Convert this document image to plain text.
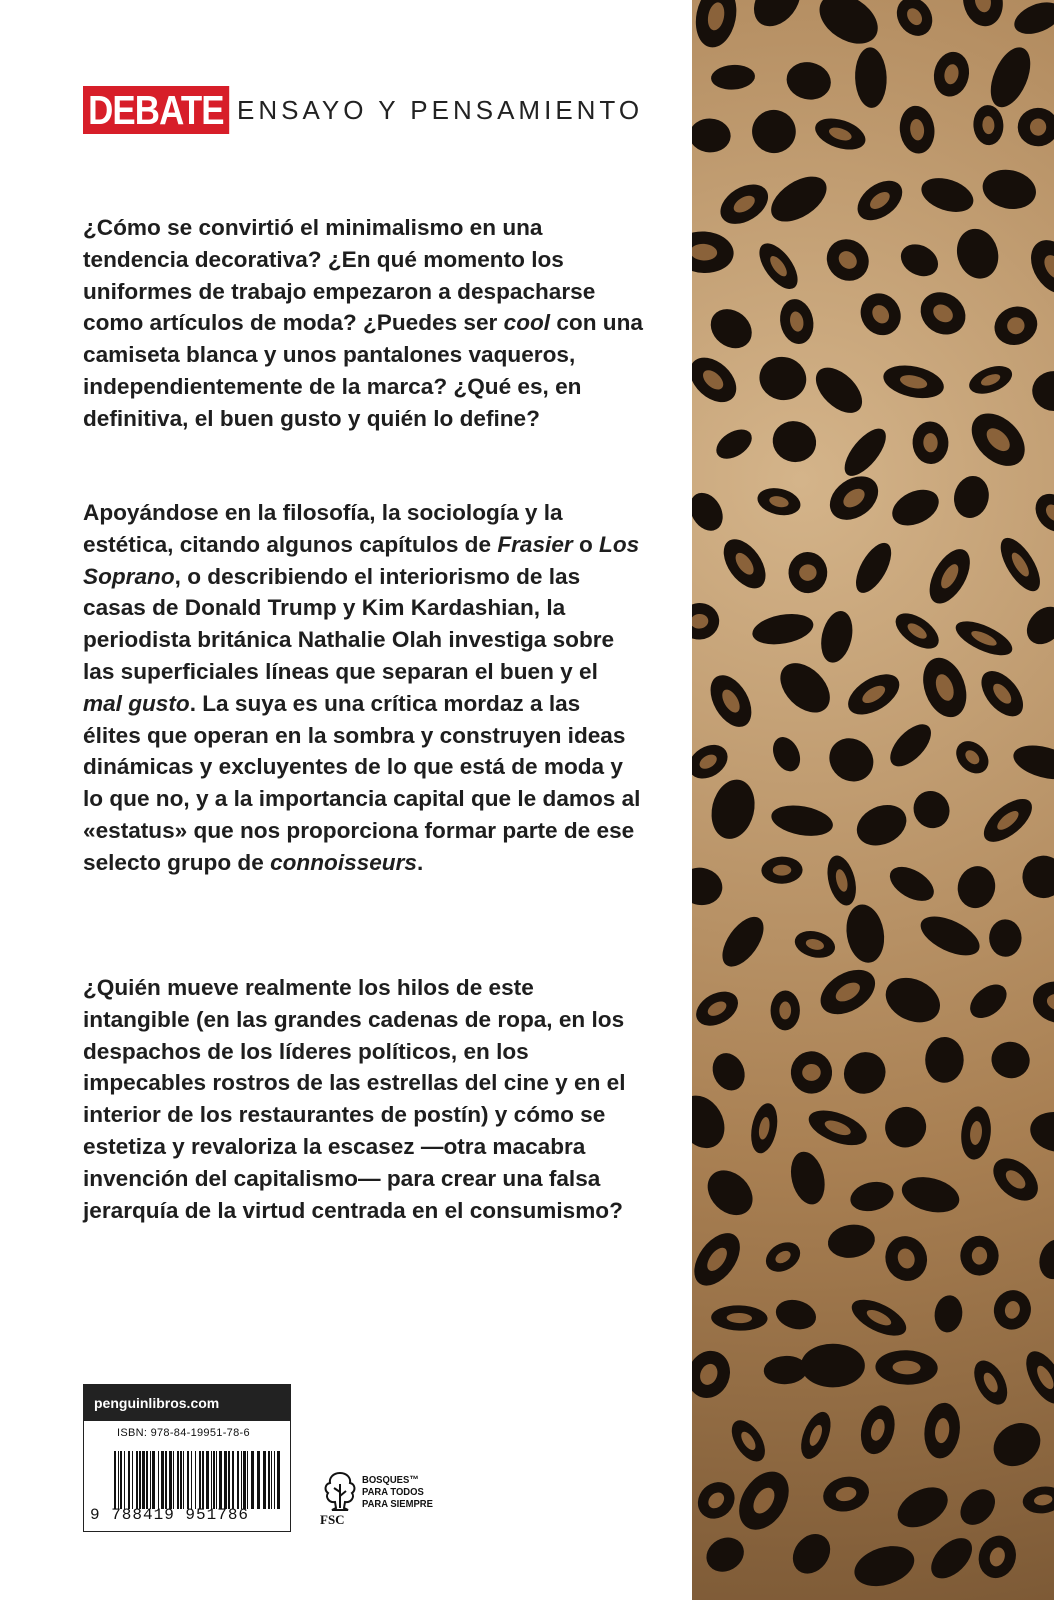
DEBATE ENSAYO Y PENSAMIENTO

¿Cómo se convirtió el minimalismo en una tendencia decorativa? ¿En qué momento los uniformes de trabajo empezaron a despacharse como artículos de moda? ¿Puedes ser cool con una camiseta blanca y unos pantalones vaqueros, independientemente de la marca? ¿Qué es, en definitiva, el buen gusto y quién lo define?

Apoyándose en la filosofía, la sociología y la estética, citando algunos capítulos de Frasier o Los Soprano, o describiendo el interiorismo de las casas de Donald Trump y Kim Kardashian, la periodista británica Nathalie Olah investiga sobre las superficiales líneas que separan el buen y el mal gusto. La suya es una crítica mordaz a las élites que operan en la sombra y construyen ideas dinámicas y excluyentes de lo que está de moda y lo que no, y a la importancia capital que le damos al «estatus» que nos proporciona formar parte de ese selecto grupo de connoisseurs.

¿Quién mueve realmente los hilos de este intangible (en las grandes cadenas de ropa, en los despachos de los líderes políticos, en los impecables rostros de las estrellas del cine y en el interior de los restaurantes de postín) y cómo se estetiza y revaloriza la escasez —otra macabra invención del capitalismo— para crear una falsa jerarquía de la virtud centrada en el consumismo?

penguinlibros.com
ISBN: 978-84-19951-78-6
9 788419 951786
BOSQUES™
PARA TODOS
PARA SIEMPRE
FSC
